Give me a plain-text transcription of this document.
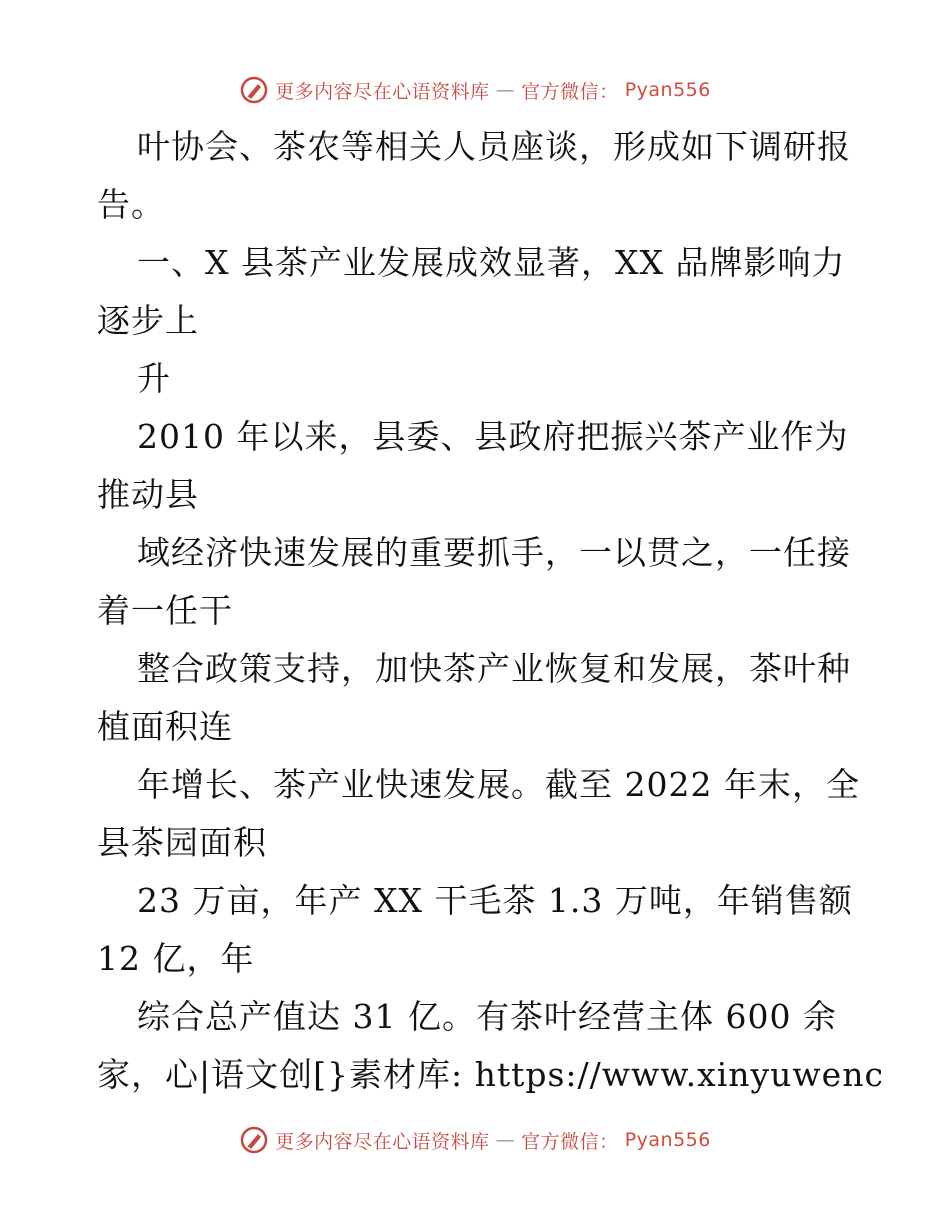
更多内容尽在心语资料库 — 官方微信： Pyan556
叶协会、茶农等相关人员座谈，形成如下调研报
告。
一、X 县茶产业发展成效显著，XX 品牌影响力
逐步上
升
2010 年以来，县委、县政府把振兴茶产业作为
推动县
域经济快速发展的重要抓手，一以贯之，一任接
着一任干
整合政策支持，加快茶产业恢复和发展，茶叶种
植面积连
年增长、茶产业快速发展。截至 2022 年末，全
县茶园面积
23 万亩，年产 XX 干毛茶 1.3 万吨，年销售额
12 亿，年
综合总产值达 31 亿。有茶叶经营主体 600 余
家，心|语文创[}素材库: https://www.xinyuwenc
更多内容尽在心语资料库 — 官方微信： Pyan556
